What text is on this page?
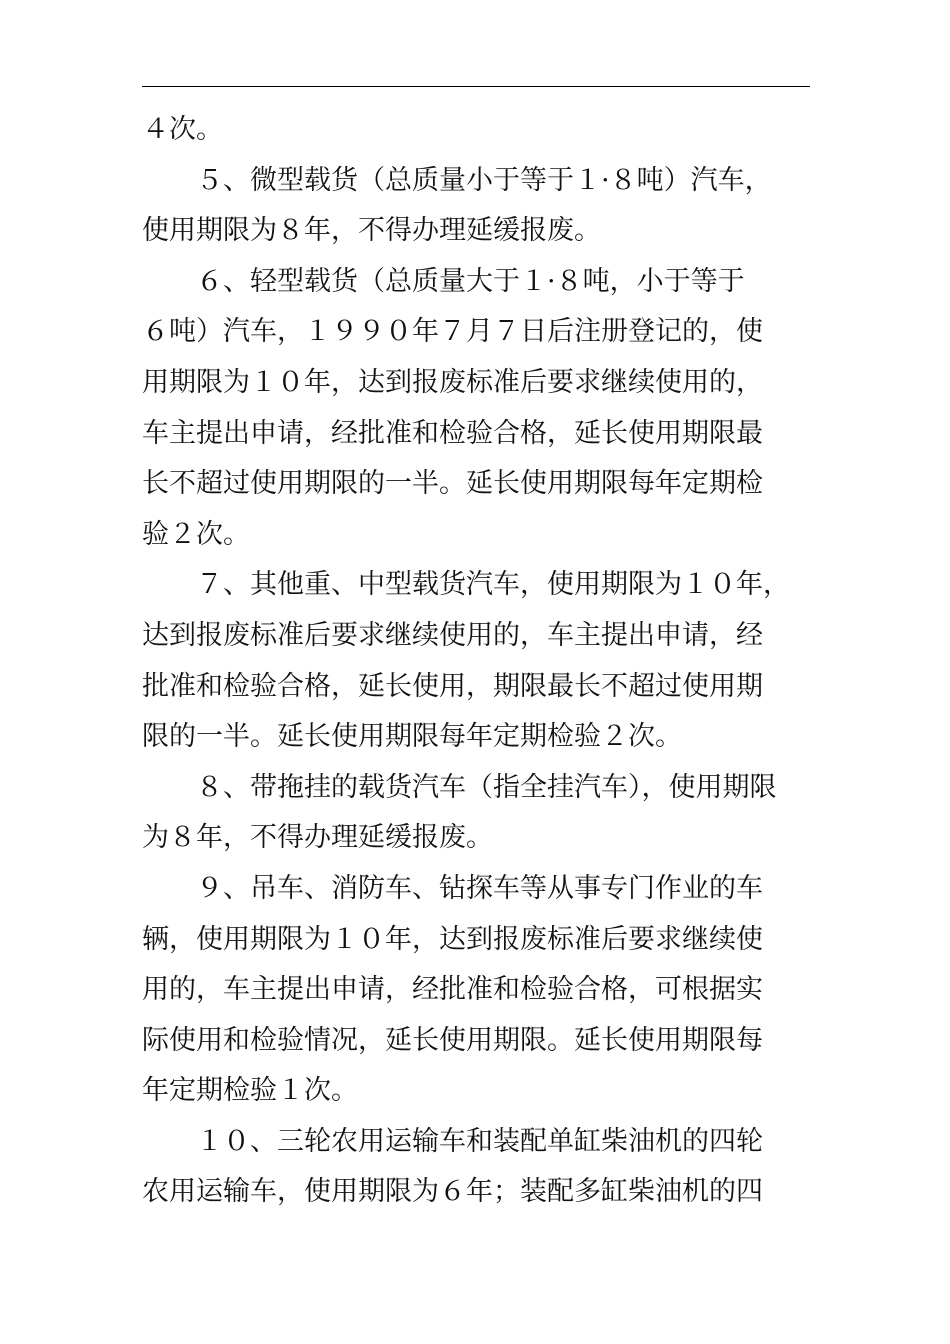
４次。

５、微型载货（总质量小于等于１·８吨）汽车，
使用期限为８年，不得办理延缓报废。

６、轻型载货（总质量大于１·８吨，小于等于
６吨）汽车，１９９０年７月７日后注册登记的，使
用期限为１０年，达到报废标准后要求继续使用的，
车主提出申请，经批准和检验合格，延长使用期限最
长不超过使用期限的一半。延长使用期限每年定期检
验２次。

７、其他重、中型载货汽车，使用期限为１０年，
达到报废标准后要求继续使用的，车主提出申请，经
批准和检验合格，延长使用，期限最长不超过使用期
限的一半。延长使用期限每年定期检验２次。

８、带拖挂的载货汽车（指全挂汽车），使用期限
为８年，不得办理延缓报废。

９、吊车、消防车、钻探车等从事专门作业的车
辆，使用期限为１０年，达到报废标准后要求继续使
用的，车主提出申请，经批准和检验合格，可根据实
际使用和检验情况，延长使用期限。延长使用期限每
年定期检验１次。

１０、三轮农用运输车和装配单缸柴油机的四轮
农用运输车，使用期限为６年；装配多缸柴油机的四
